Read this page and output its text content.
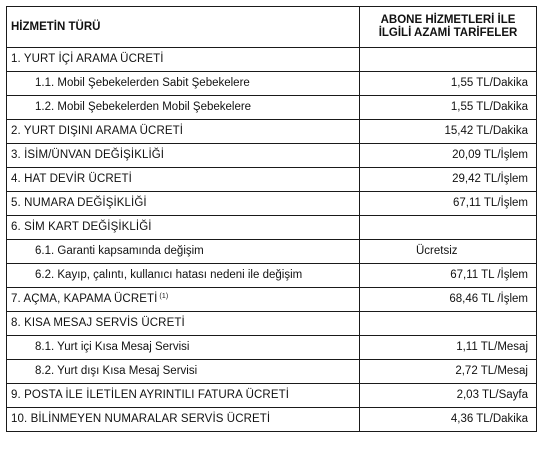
HİZMETİN TÜRÜ	ABONE HİZMETLERİ İLE
İLGİLİ AZAMİ TARİFELER

1. YURT İÇİ ARAMA ÜCRETİ	
1.1. Mobil Şebekelerden Sabit Şebekelere	1,55 TL/Dakika
1.2. Mobil Şebekelerden Mobil Şebekelere	1,55 TL/Dakika
2. YURT DIŞINI ARAMA ÜCRETİ	15,42 TL/Dakika
3. İSİM/ÜNVAN DEĞİŞİKLİĞİ	20,09 TL/İşlem
4. HAT DEVİR ÜCRETİ	29,42 TL/İşlem
5. NUMARA DEĞİŞİKLİĞİ	67,11 TL/İşlem
6. SİM KART DEĞİŞİKLİĞİ	
6.1. Garanti kapsamında değişim	Ücretsiz
6.2. Kayıp, çalıntı, kullanıcı hatası nedeni ile değişim	67,11 TL /İşlem
7. AÇMA, KAPAMA ÜCRETİ $^{(1)}$	68,46 TL /İşlem
8. KISA MESAJ SERVİS ÜCRETİ	
8.1. Yurt içi Kısa Mesaj Servisi	1,11 TL/Mesaj
8.2. Yurt dışı Kısa Mesaj Servisi	2,72 TL/Mesaj
9. POSTA İLE İLETİLEN AYRINTILI FATURA ÜCRETİ	2,03 TL/Sayfa
10. BİLİNMEYEN NUMARALAR SERVİS ÜCRETİ	4,36 TL/Dakika
